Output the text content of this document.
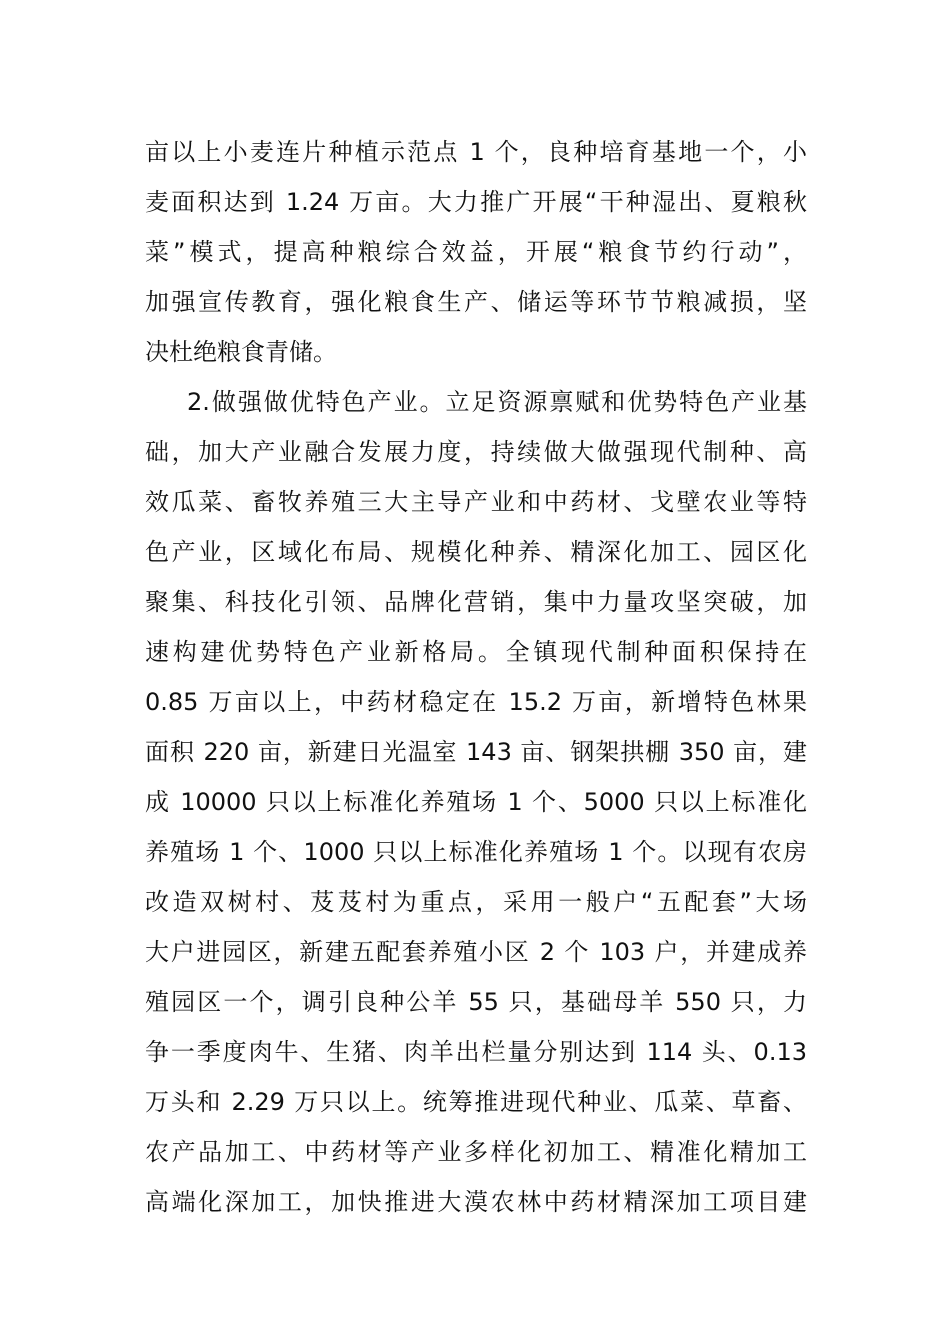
亩以上小麦连片种植示范点 1 个，良种培育基地一个，小
麦面积达到 1.24 万亩。大力推广开展“干种湿出、夏粮秋
菜”模式，提高种粮综合效益，开展“粮食节约行动”，
加强宣传教育，强化粮食生产、储运等环节节粮减损，坚
决杜绝粮食青储。
2.做强做优特色产业。立足资源禀赋和优势特色产业基
础，加大产业融合发展力度，持续做大做强现代制种、高
效瓜菜、畜牧养殖三大主导产业和中药材、戈壁农业等特
色产业，区域化布局、规模化种养、精深化加工、园区化
聚集、科技化引领、品牌化营销，集中力量攻坚突破，加
速构建优势特色产业新格局。全镇现代制种面积保持在
0.85 万亩以上，中药材稳定在 15.2 万亩，新增特色林果
面积 220 亩，新建日光温室 143 亩、钢架拱棚 350 亩，建
成 10000 只以上标准化养殖场 1 个、5000 只以上标准化
养殖场 1 个、1000 只以上标准化养殖场 1 个。以现有农房
改造双树村、芨芨村为重点，采用一般户“五配套”大场
大户进园区，新建五配套养殖小区 2 个 103 户，并建成养
殖园区一个，调引良种公羊 55 只，基础母羊 550 只，力
争一季度肉牛、生猪、肉羊出栏量分别达到 114 头、0.13
万头和 2.29 万只以上。统筹推进现代种业、瓜菜、草畜、
农产品加工、中药材等产业多样化初加工、精准化精加工
高端化深加工，加快推进大漠农林中药材精深加工项目建
